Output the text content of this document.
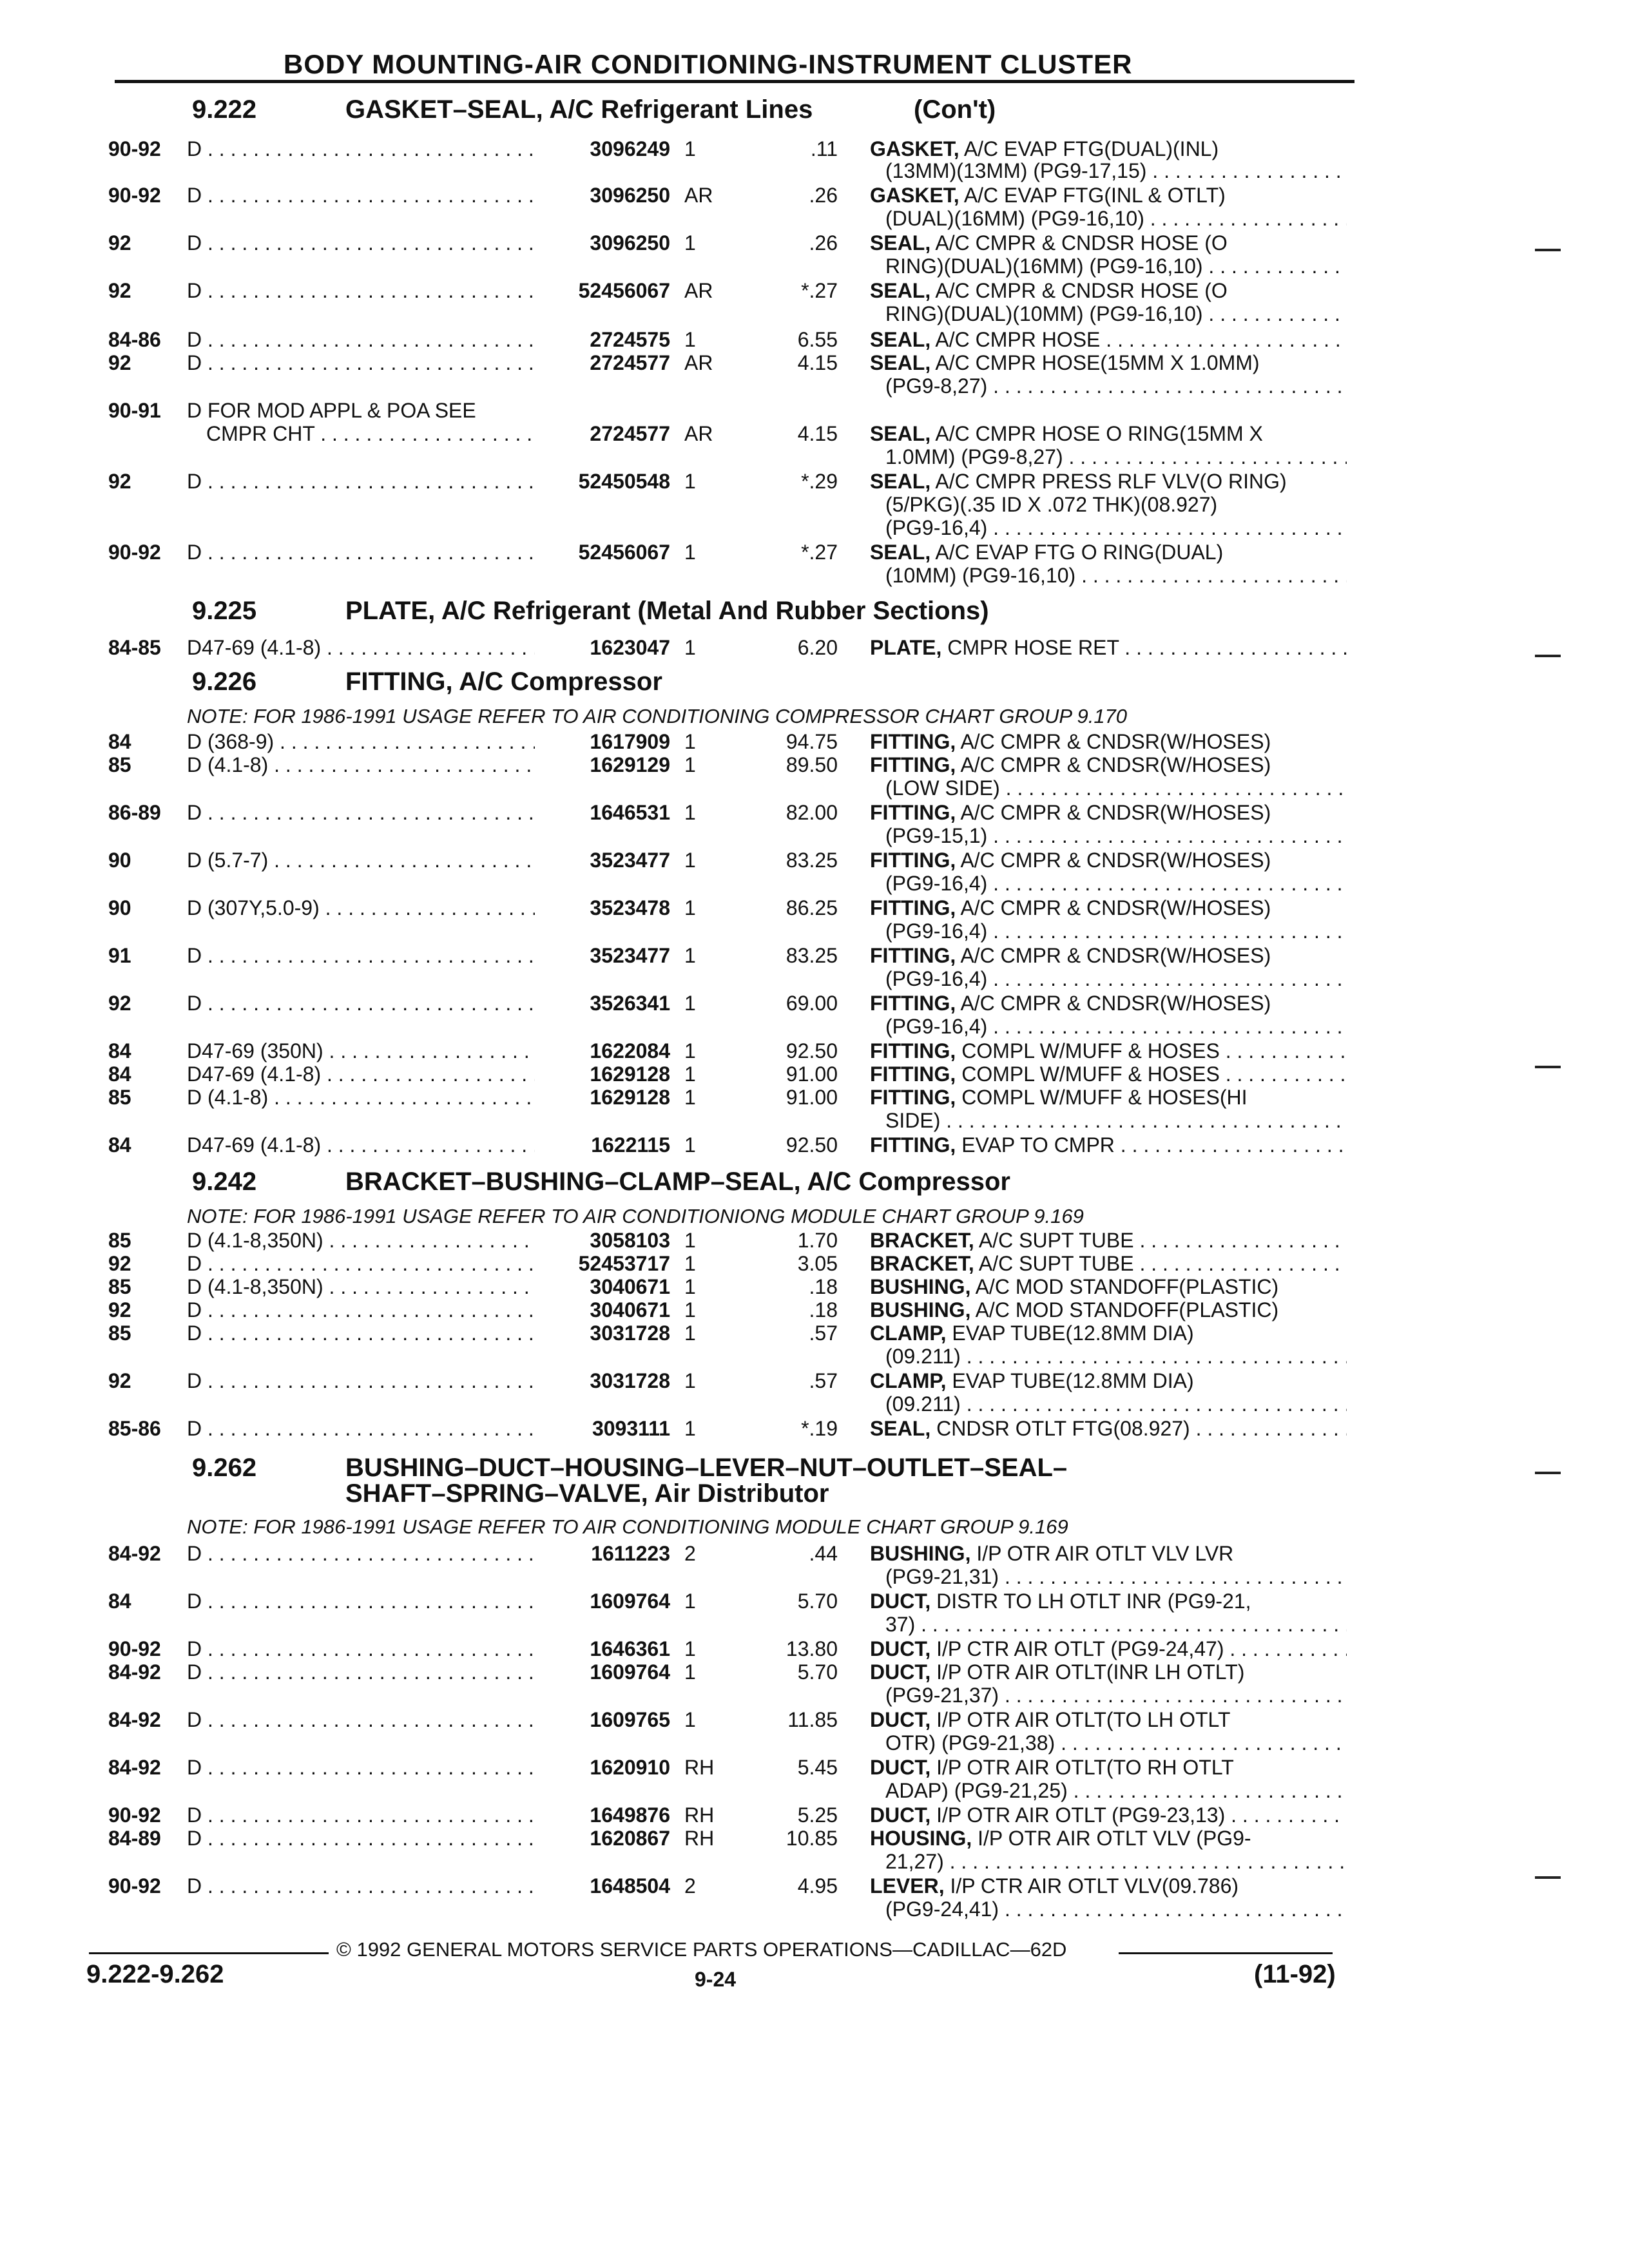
BODY MOUNTING-AIR CONDITIONING-INSTRUMENT CLUSTER
9.222	GASKET–SEAL, A/C Refrigerant Lines	(Con't)
9.225	PLATE, A/C Refrigerant (Metal And Rubber Sections)
9.226	FITTING, A/C Compressor
NOTE: FOR 1986-1991 USAGE REFER TO AIR CONDITIONING COMPRESSOR CHART GROUP 9.170
9.242	BRACKET–BUSHING–CLAMP–SEAL, A/C Compressor
NOTE: FOR 1986-1991 USAGE REFER TO AIR CONDITIONIONG MODULE CHART GROUP 9.169
9.262	BUSHING–DUCT–HOUSING–LEVER–NUT–OUTLET–SEAL–
SHAFT–SPRING–VALVE, Air Distributor
NOTE: FOR 1986-1991 USAGE REFER TO AIR CONDITIONING MODULE CHART GROUP 9.169
90-92 D . . .	3096249 1	.11 GASKET, A/C EVAP FTG(DUAL)(INL)
(13MM)(13MM) (PG9-17,15) . . .
90-92 D . . .	3096250 AR	.26 GASKET, A/C EVAP FTG(INL & OTLT)
(DUAL)(16MM) (PG9-16,10) . . .
92	D . . .	3096250 1	.26 SEAL, A/C CMPR & CNDSR HOSE (O
RING)(DUAL)(16MM) (PG9-16,10) . . .
92	D . . .	52456067 AR	*.27 SEAL, A/C CMPR & CNDSR HOSE (O
RING)(DUAL)(10MM) (PG9-16,10) . . .
84-86 D . . .	2724575 1	6.55 SEAL, A/C CMPR HOSE . . .
92	D . . .	2724577 AR	4.15 SEAL, A/C CMPR HOSE(15MM X 1.0MM)
(PG9-8,27) . . .
90-91 D FOR MOD APPL & POA SEE
CMPR CHT . . .	2724577 AR	4.15 SEAL, A/C CMPR HOSE O RING(15MM X
1.0MM) (PG9-8,27) . . .
92	D . . .	52450548 1	*.29 SEAL, A/C CMPR PRESS RLF VLV(O RING)
(5/PKG)(.35 ID X .072 THK)(08.927)
(PG9-16,4) . . .
90-92 D . . .	52456067 1	*.27 SEAL, A/C EVAP FTG O RING(DUAL)
(10MM) (PG9-16,10) . . .
84-85 D47-69 (4.1-8) . . .	1623047 1	6.20 PLATE, CMPR HOSE RET . . .
84	D (368-9) . . .	1617909 1	94.75 FITTING, A/C CMPR & CNDSR(W/HOSES)
85	D (4.1-8) . . .	1629129 1	89.50 FITTING, A/C CMPR & CNDSR(W/HOSES)
(LOW SIDE) . . .
86-89 D . . .	1646531 1	82.00 FITTING, A/C CMPR & CNDSR(W/HOSES)
(PG9-15,1) . . .
90	D (5.7-7) . . .	3523477 1	83.25 FITTING, A/C CMPR & CNDSR(W/HOSES)
(PG9-16,4) . . .
90	D (307Y,5.0-9) . . .	3523478 1	86.25 FITTING, A/C CMPR & CNDSR(W/HOSES)
(PG9-16,4) . . .
91	D . . .	3523477 1	83.25 FITTING, A/C CMPR & CNDSR(W/HOSES)
(PG9-16,4) . . .
92	D . . .	3526341 1	69.00 FITTING, A/C CMPR & CNDSR(W/HOSES)
(PG9-16,4) . . .
84	D47-69 (350N) . . .	1622084 1	92.50 FITTING, COMPL W/MUFF & HOSES . . .
84	D47-69 (4.1-8) . . .	1629128 1	91.00 FITTING, COMPL W/MUFF & HOSES . . .
85	D (4.1-8) . . .	1629128 1	91.00 FITTING, COMPL W/MUFF & HOSES(HI
SIDE) . . .
84	D47-69 (4.1-8) . . .	1622115 1	92.50 FITTING, EVAP TO CMPR . . .
85	D (4.1-8,350N) . . .	3058103 1	1.70 BRACKET, A/C SUPT TUBE . . .
92	D . . .	52453717 1	3.05 BRACKET, A/C SUPT TUBE . . .
85	D (4.1-8,350N) . . .	3040671 1	.18 BUSHING, A/C MOD STANDOFF(PLASTIC)
92	D . . .	3040671 1	.18 BUSHING, A/C MOD STANDOFF(PLASTIC)
85	D . . .	3031728 1	.57 CLAMP, EVAP TUBE(12.8MM DIA)
(09.211) . . .
92	D . . .	3031728 1	.57 CLAMP, EVAP TUBE(12.8MM DIA)
(09.211) . . .
85-86 D . . .	3093111 1	*.19 SEAL, CNDSR OTLT FTG(08.927) . . .
84-92 D . . .	1611223 2	.44 BUSHING, I/P OTR AIR OTLT VLV LVR
(PG9-21,31) . . .
84	D . . .	1609764 1	5.70 DUCT, DISTR TO LH OTLT INR (PG9-21,
37) . . .
90-92 D . . .	1646361 1	13.80 DUCT, I/P CTR AIR OTLT (PG9-24,47) . . .
84-92 D . . .	1609764 1	5.70 DUCT, I/P OTR AIR OTLT(INR LH OTLT)
(PG9-21,37) . . .
84-92 D . . .	1609765 1	11.85 DUCT, I/P OTR AIR OTLT(TO LH OTLT
OTR) (PG9-21,38) . . .
84-92 D . . .	1620910 RH	5.45 DUCT, I/P OTR AIR OTLT(TO RH OTLT
ADAP) (PG9-21,25) . . .
90-92 D . . .	1649876 RH	5.25 DUCT, I/P OTR AIR OTLT (PG9-23,13) . . .
84-89 D . . .	1620867 RH	10.85 HOUSING, I/P OTR AIR OTLT VLV (PG9-
21,27) . . .
90-92 D . . .	1648504 2	4.95 LEVER, I/P CTR AIR OTLT VLV(09.786)
(PG9-24,41) . . .
© 1992 GENERAL MOTORS SERVICE PARTS OPERATIONS—CADILLAC—62D
9.222-9.262	9-24	(11-92)
